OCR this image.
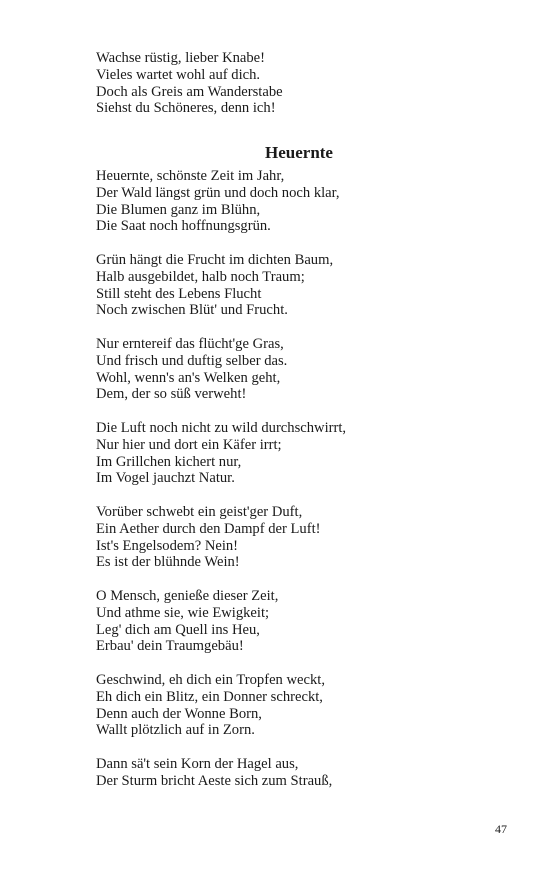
Wachse rüstig, lieber Knabe!
Vieles wartet wohl auf dich.
Doch als Greis am Wanderstabe
Siehst du Schöneres, denn ich!
Heuernte
Heuernte, schönste Zeit im Jahr,
Der Wald längst grün und doch noch klar,
Die Blumen ganz im Blühn,
Die Saat noch hoffnungsgrün.
Grün hängt die Frucht im dichten Baum,
Halb ausgebildet, halb noch Traum;
Still steht des Lebens Flucht
Noch zwischen Blüt' und Frucht.
Nur erntereif das flücht'ge Gras,
Und frisch und duftig selber das.
Wohl, wenn's an's Welken geht,
Dem, der so süß verweht!
Die Luft noch nicht zu wild durchschwirrt,
Nur hier und dort ein Käfer irrt;
Im Grillchen kichert nur,
Im Vogel jauchzt Natur.
Vorüber schwebt ein geist'ger Duft,
Ein Aether durch den Dampf der Luft!
Ist's Engelsodem? Nein!
Es ist der blühnde Wein!
O Mensch, genieße dieser Zeit,
Und athme sie, wie Ewigkeit;
Leg' dich am Quell ins Heu,
Erbau' dein Traumgebäu!
Geschwind, eh dich ein Tropfen weckt,
Eh dich ein Blitz, ein Donner schreckt,
Denn auch der Wonne Born,
Wallt plötzlich auf in Zorn.
Dann sä't sein Korn der Hagel aus,
Der Sturm bricht Aeste sich zum Strauß,
47
